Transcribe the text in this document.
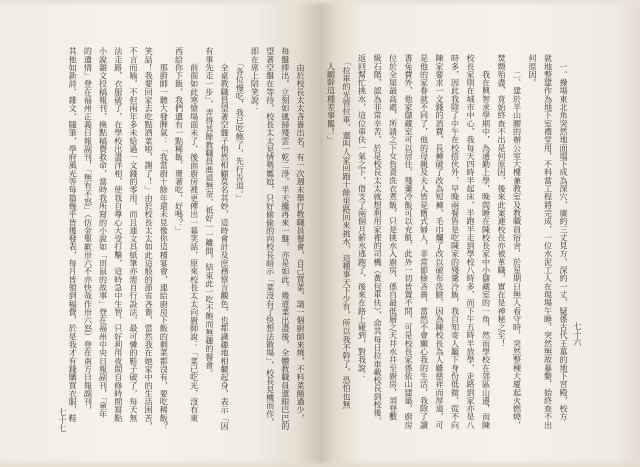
　一、操場東北角突然地面塌下成為深穴，廣約三丈見方，深約一丈，疑係古代王墓的地下宮殿，校方
就地整建作為地下室禮堂用，不料當工程將完成，一位水泥工人在現場午睡，突然無故暴斃，始終查不出
何原因。
　　二、建於半山腰的辦公室大樓兼教室及教職員宿舍，於星期日無人看守時，突然整棟大廈起火燃燒，
焚燬殆盡，竟始終查不出是何原因，後來此案連校長亦被革職，實在是神秘之至！
　　我在興智求學期中，為通勤上學，晚間睡在陳校長家中小儲藏室的一角，然而學校在郊區山邊，而陳
校長家則在城市中心，我每天四時半起床，半跑半走到學校八時多，而下午五時半放學，走路到家亦是八
時多，因此我除了中午在校搭伙外，早晚兩餐皆是吃陳家的殘羹冷飯，我自知寄人籬下身份低微，從不向
陳家要求一文錢的消費，長褲破了改為短褲，毛巾爛了改以破布洗臉，因為陳校長為人雖慈祥而厚道，可
是他的家眷就不同了，他的母親及夫人皆是舊式婦人，非常節儉吝嗇，當然不會關心我的生活，我除了讀
書免費外，他家儲藏室可以居住，殘羹冷飯可以充飢，此外一切皆置不問，可是校長家係依山建築，廚房
位於全屋最高處，所請之下女負責洗衣煮飯，只是挑水入廚房，係自最低層之天井水井至廚房，須登數
級石階，認為非常辛苦，於是校長太太就想利用家裡的司機（黃包車伕），命其每日拉車載校長到校後，
返回幫忙挑水，這位車伕一氣之下，借支了兩個月薪水逃跑了，後來在路上碰到，對我說：
　「拉車的光管拉車，還叫人家回跑十餘里路回來挑水，這種事天下少有，所以我不幹了，恐怕也無
　人願幹這種差事罷！」
七十六
　　由於校長太太吝嗇出名，有一次週末舉行教職員餐會，自己買菜，請一個廚師來燒，不料菜餚過少，
每盤捧出，立刻如風掃殘雲一乾二淨，半天纔再來一盤，亦是如此，幾道菜出盡後，全體教職員還眼巴巴的
望著空盤在等待，校長太太見情勢尷尬，只好偷偷的向校長暗示「菜沒有了快想法散場」，校長見機而作，
即在席上陪笑說：
　　「各位慢吃，我已吃飽了，先行告退。」
　　全桌教職員望著空盤子悄然相顧莫名其妙，這時會計及庶務察言觀色，也都識趣地相繼起身，表示「因
有事先走一步」，弄得其餘教職員進退無奈，祇好一一離開，結束此一吃不飽而無趣的餐會。
　　前面如此寒愴場面未了，後面廚房裡更傳出一幕笑話，原來校長太太向廚師說：「菜已吃光，沒有東
西給你下飯，我們還有一點稀飯，燙著吃，好嗎？」
　　那廚師一聽大發脾氣：「我當廚十餘年還未見像你這種宴會，連給廚房下飯的剩菜都沒有，要吃稀飯？
笑話！我要回家去吃點酒菜啦，謝了！」由於校長太太如此這般的節省吝嗇，當然我在她家中的生活困苦，
不言而喻，不但兩年多未給過一文錢的零用，而且連文具紙筆亦需自行設法，最可憐的鞋子破了，每天無
法走路，衣服破了，在學校出盡洋相，使我自尊心大受打擊，這時急中生智，只好利用夜間自修時間寫點
小說雜文投稿報刊，換點稿費救命，當時我所寫的小說如「田鼠的故事」登在福州中央日報副刊，「童年
的遺情」登在福州正義日報副刊，「無有不怒」（仿金聖歎卅六不亦快哉作卅六怒）登在南方日報副刊，
其他如新詩、雜文、隨筆，學府風光等每篇幾乎皆獲發表，每月皆領到稿費，於是我才有錢購買衣服，鞋
七十七
